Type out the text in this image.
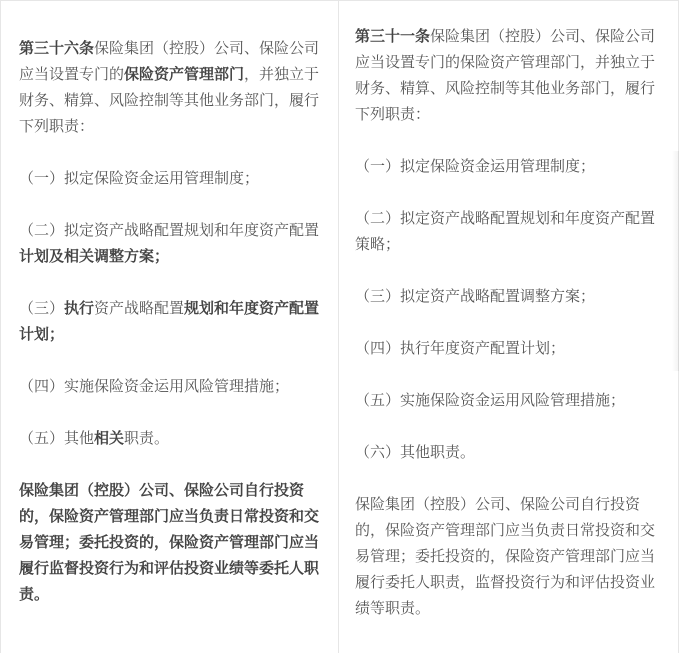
第三十六条保险集团（控股）公司、保险公司应当设置专门的保险资产管理部门，并独立于财务、精算、风险控制等其他业务部门，履行下列职责：

（一）拟定保险资金运用管理制度；

（二）拟定资产战略配置规划和年度资产配置计划及相关调整方案；

（三）执行资产战略配置规划和年度资产配置计划；

（四）实施保险资金运用风险管理措施；

（五）其他相关职责。

保险集团（控股）公司、保险公司自行投资的，保险资产管理部门应当负责日常投资和交易管理；委托投资的，保险资产管理部门应当履行监督投资行为和评估投资业绩等委托人职责。

第三十一条保险集团（控股）公司、保险公司应当设置专门的保险资产管理部门，并独立于财务、精算、风险控制等其他业务部门，履行下列职责：

（一）拟定保险资金运用管理制度；

（二）拟定资产战略配置规划和年度资产配置策略；

（三）拟定资产战略配置调整方案；

（四）执行年度资产配置计划；

（五）实施保险资金运用风险管理措施；

（六）其他职责。

保险集团（控股）公司、保险公司自行投资的，保险资产管理部门应当负责日常投资和交易管理；委托投资的，保险资产管理部门应当履行委托人职责，监督投资行为和评估投资业绩等职责。
